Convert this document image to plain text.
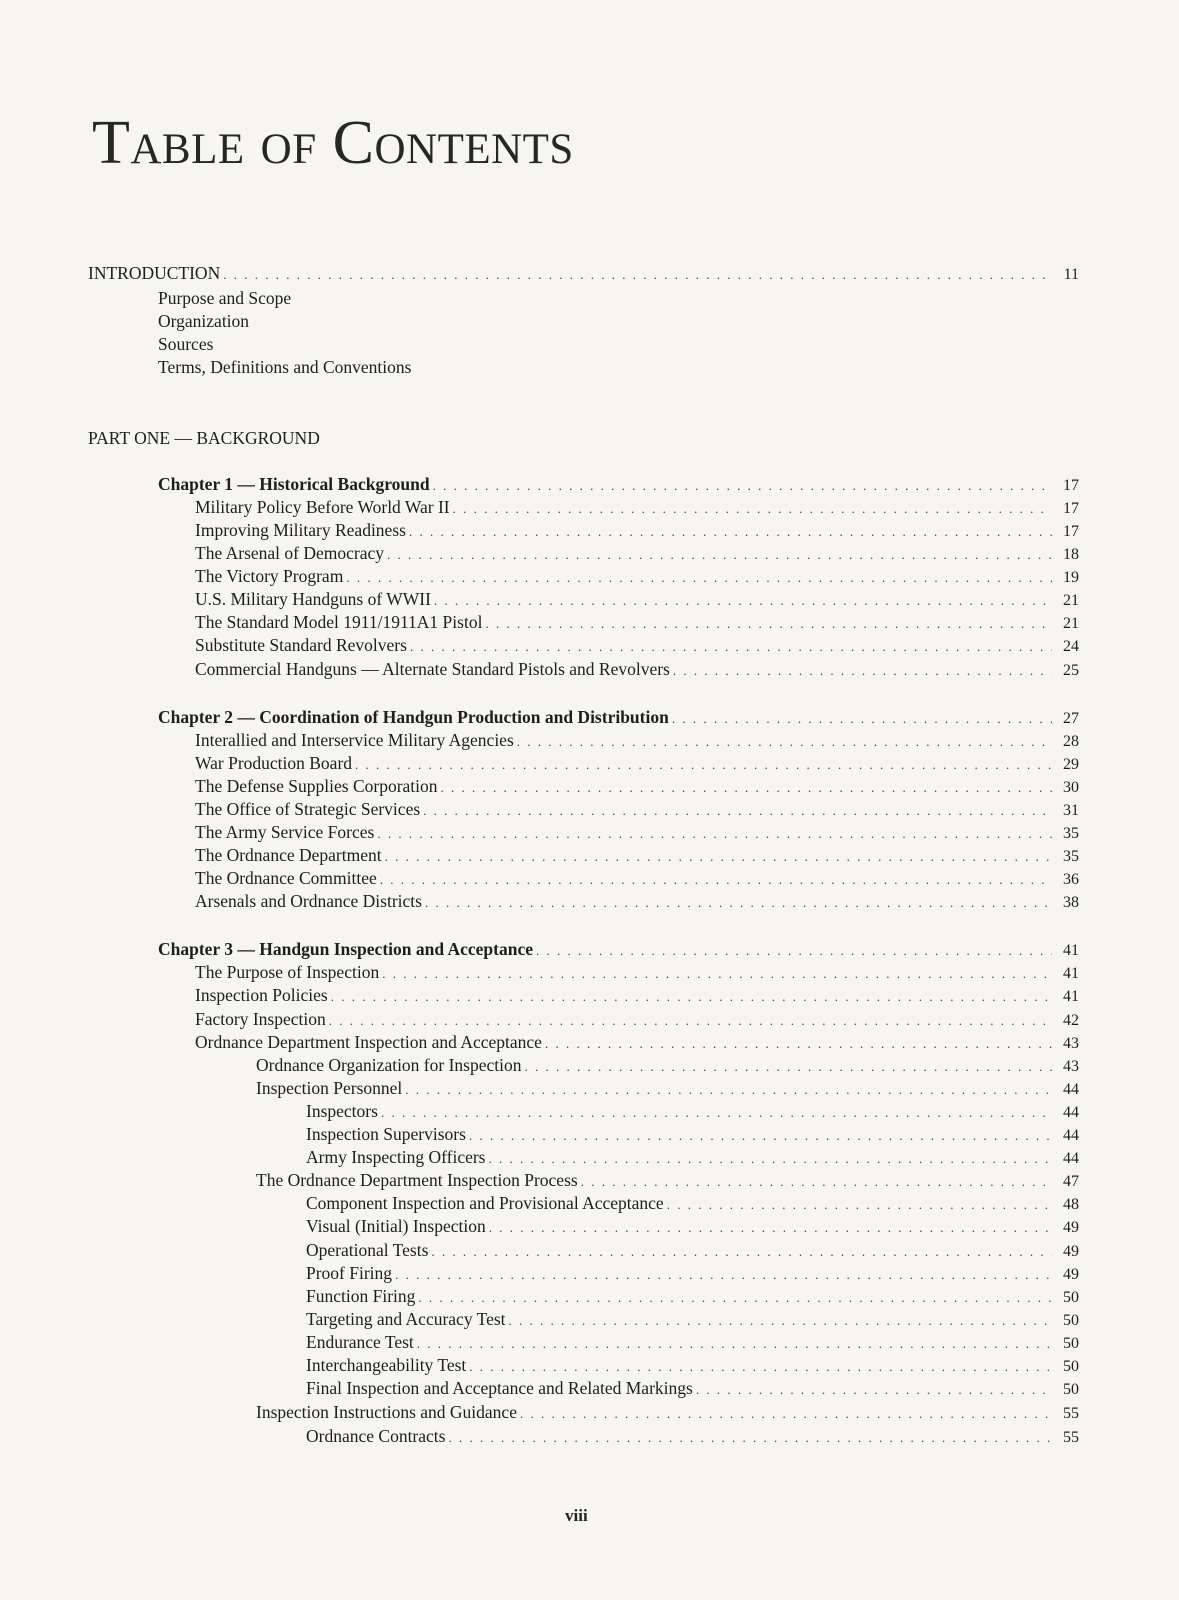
Table of Contents
INTRODUCTION . . .	11
Purpose and Scope
Organization
Sources
Terms, Definitions and Conventions
PART ONE — BACKGROUND
Chapter 1 — Historical Background . . .	17
Military Policy Before World War II . . .	17
Improving Military Readiness . . .	17
The Arsenal of Democracy . . .	18
The Victory Program . . .	19
U.S. Military Handguns of WWII . . .	21
The Standard Model 1911/1911A1 Pistol . . .	21
Substitute Standard Revolvers . . .	24
Commercial Handguns — Alternate Standard Pistols and Revolvers . . .	25
Chapter 2 — Coordination of Handgun Production and Distribution . . .	27
Interallied and Interservice Military Agencies . . .	28
War Production Board . . .	29
The Defense Supplies Corporation . . .	30
The Office of Strategic Services . . .	31
The Army Service Forces . . .	35
The Ordnance Department . . .	35
The Ordnance Committee . . .	36
Arsenals and Ordnance Districts . . .	38
Chapter 3 — Handgun Inspection and Acceptance . . .	41
The Purpose of Inspection . . .	41
Inspection Policies . . .	41
Factory Inspection . . .	42
Ordnance Department Inspection and Acceptance . . .	43
Ordnance Organization for Inspection . . .	43
Inspection Personnel . . .	44
Inspectors . . .	44
Inspection Supervisors . . .	44
Army Inspecting Officers . . .	44
The Ordnance Department Inspection Process . . .	47
Component Inspection and Provisional Acceptance . . .	48
Visual (Initial) Inspection . . .	49
Operational Tests . . .	49
Proof Firing . . .	49
Function Firing . . .	50
Targeting and Accuracy Test . . .	50
Endurance Test . . .	50
Interchangeability Test . . .	50
Final Inspection and Acceptance and Related Markings . . .	50
Inspection Instructions and Guidance . . .	55
Ordnance Contracts . . .	55
viii
